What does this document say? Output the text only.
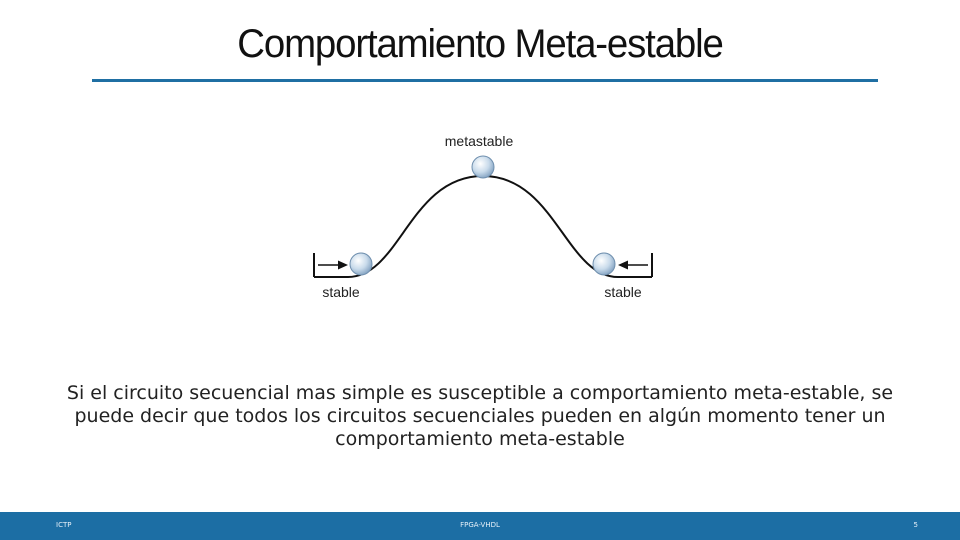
Comportamiento Meta-estable
metastable
stable	stable
Si el circuito secuencial mas simple es susceptible a comportamiento meta-estable, se puede decir que todos los circuitos secuenciales pueden en algún momento tener un comportamiento meta-estable
ICTP	FPGA-VHDL	5
